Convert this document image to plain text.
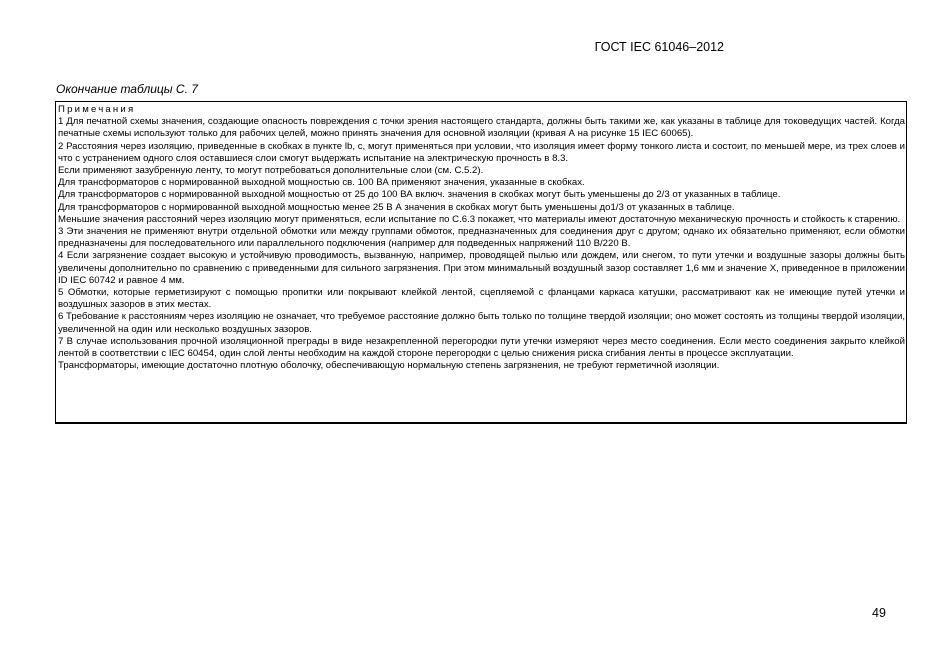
ГОСТ IEC 61046–2012
Окончание таблицы С. 7
Примечания

1 Для печатной схемы значения, создающие опасность повреждения с точки зрения настоящего стандарта, должны быть такими же, как указаны в таблице для токоведущих частей. Когда печатные схемы используют только для рабочих целей, можно принять значения для основной изоляции (кривая А на рисунке 15 IEC 60065).

2 Расстояния через изоляцию, приведенные в скобках в пункте lb, с, могут применяться при условии, что изоляция имеет форму тонкого листа и состоит, по меньшей мере, из трех слоев и что с устранением одного слоя оставшиеся слои смогут выдержать испытание на электрическую прочность в 8.3.

Если применяют зазубренную ленту, то могут потребоваться дополнительные слои (см. С.5.2).

Для трансформаторов с нормированной выходной мощностью св. 100 ВА применяют значения, указанные в скобках.

Для трансформаторов с нормированной выходной мощностью от 25 до 100 ВА включ. значения в скобках могут быть уменьшены до 2/3 от указанных в таблице.

Для трансформаторов с нормированной выходной мощностью менее 25 В А значения в скобках могут быть уменьшены до1/3 от указанных в таблице.

Меньшие значения расстояний через изоляцию могут применяться, если испытание по С.6.3 покажет, что материалы имеют достаточную механическую прочность и стойкость к старению.

3 Эти значения не применяют внутри отдельной обмотки или между группами обмоток, предназначенных для соединения друг с другом; однако их обязательно применяют, если обмотки предназначены для последовательного или параллельного подключения (например для подведенных напряжений 110 В/220 В.

4 Если загрязнение создает высокую и устойчивую проводимость, вызванную, например, проводящей пылью или дождем, или снегом, то пути утечки и воздушные зазоры должны быть увеличены дополнительно по сравнению с приведенными для сильного загрязнения. При этом минимальный воздушный зазор составляет 1,6 мм и значение X, приведенное в приложении ID IEC 60742 и равное 4 мм.

5 Обмотки, которые герметизируют с помощью пропитки или покрывают клейкой лентой, сцепляемой с фланцами каркаса катушки, рассматривают как не имеющие путей утечки и воздушных зазоров в этих местах.

6 Требование к расстояниям через изоляцию не означает, что требуемое расстояние должно быть только по толщине твердой изоляции; оно может состоять из толщины твердой изоляции, увеличенной на один или несколько воздушных зазоров.

7 В случае использования прочной изоляционной преграды в виде незакрепленной перегородки пути утечки измеряют через место соединения. Если место соединения закрыто клейкой лентой в соответствии с IEC 60454, один слой ленты необходим на каждой стороне перегородки с целью снижения риска сгибания ленты в процессе эксплуатации.

Трансформаторы, имеющие достаточно плотную оболочку, обеспечивающую нормальную степень загрязнения, не требуют герметичной изоляции.

49
